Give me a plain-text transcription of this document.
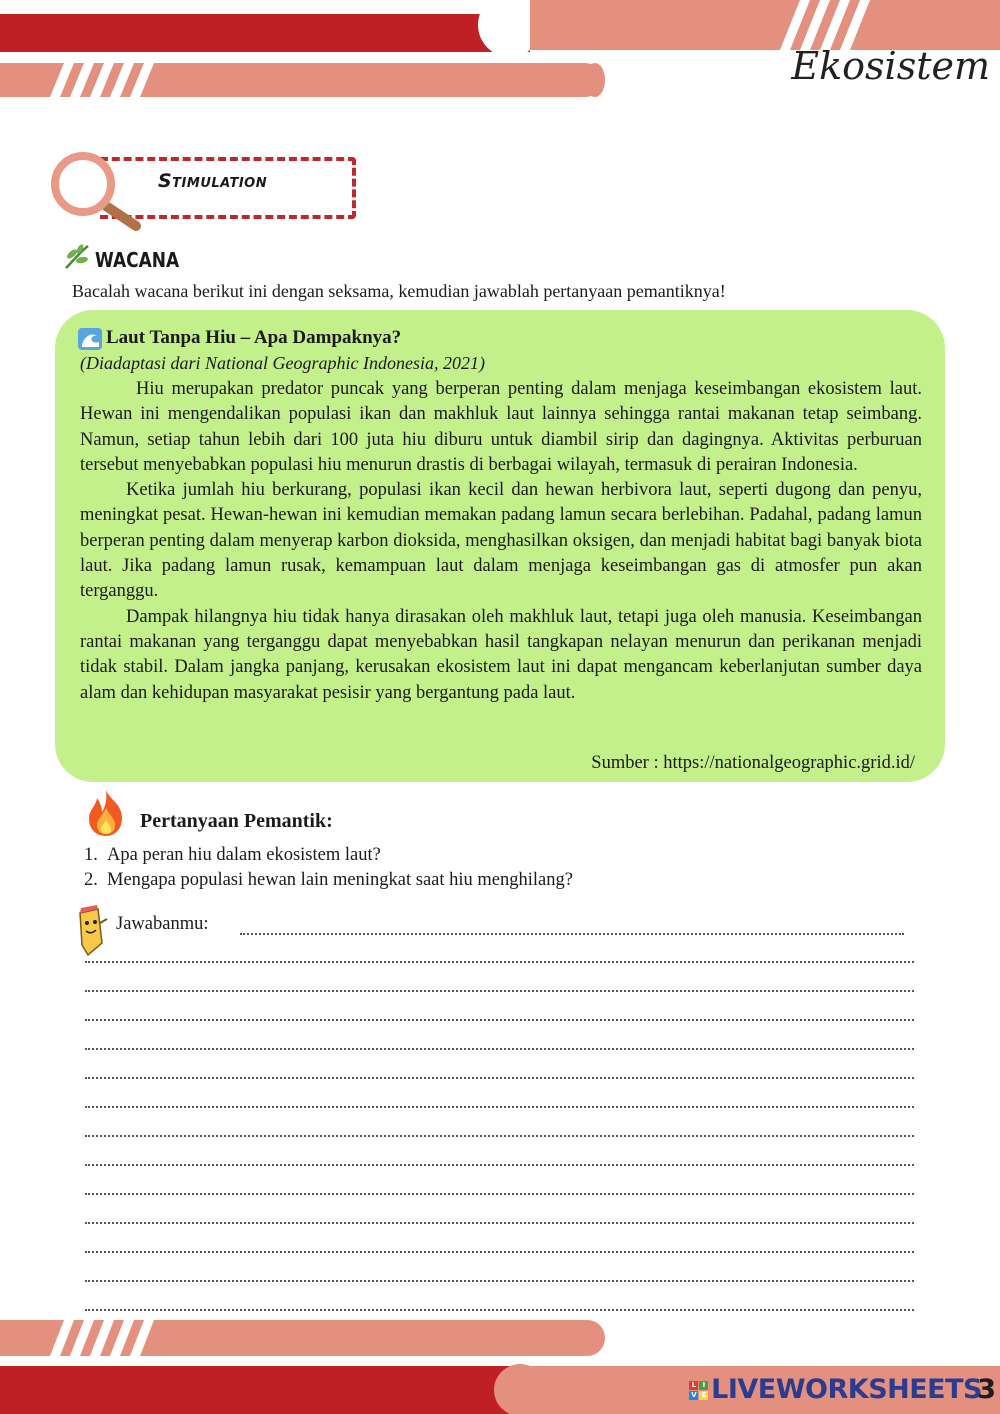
Ekosistem
Stimulation
WACANA
Bacalah wacana berikut ini dengan seksama, kemudian jawablah pertanyaan pemantiknya!
Laut Tanpa Hiu – Apa Dampaknya?
(Diadaptasi dari National Geographic Indonesia, 2021)

Hiu merupakan predator puncak yang berperan penting dalam menjaga keseimbangan ekosistem laut. Hewan ini mengendalikan populasi ikan dan makhluk laut lainnya sehingga rantai makanan tetap seimbang. Namun, setiap tahun lebih dari 100 juta hiu diburu untuk diambil sirip dan dagingnya. Aktivitas perburuan tersebut menyebabkan populasi hiu menurun drastis di berbagai wilayah, termasuk di perairan Indonesia.

Ketika jumlah hiu berkurang, populasi ikan kecil dan hewan herbivora laut, seperti dugong dan penyu, meningkat pesat. Hewan-hewan ini kemudian memakan padang lamun secara berlebihan. Padahal, padang lamun berperan penting dalam menyerap karbon dioksida, menghasilkan oksigen, dan menjadi habitat bagi banyak biota laut. Jika padang lamun rusak, kemampuan laut dalam menjaga keseimbangan gas di atmosfer pun akan terganggu.

Dampak hilangnya hiu tidak hanya dirasakan oleh makhluk laut, tetapi juga oleh manusia. Keseimbangan rantai makanan yang terganggu dapat menyebabkan hasil tangkapan nelayan menurun dan perikanan menjadi tidak stabil. Dalam jangka panjang, kerusakan ekosistem laut ini dapat mengancam keberlanjutan sumber daya alam dan kehidupan masyarakat pesisir yang bergantung pada laut.

Sumber : https://nationalgeographic.grid.id/
Pertanyaan Pemantik:
1. Apa peran hiu dalam ekosistem laut?
2. Mengapa populasi hewan lain meningkat saat hiu menghilang?
Jawabanmu:
L I
V E LIVEWORKSHEETS
3
